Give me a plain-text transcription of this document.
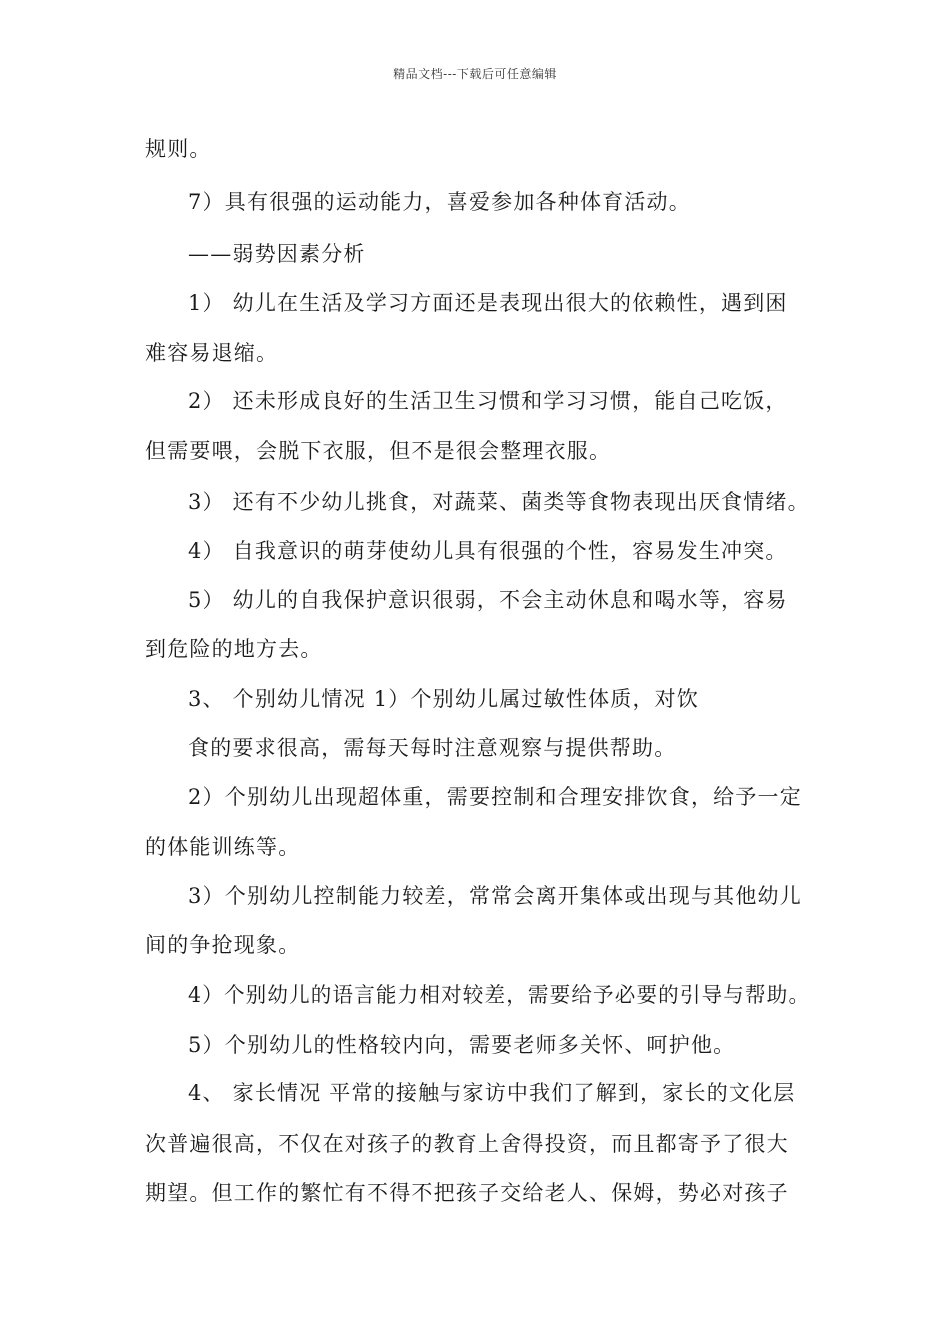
精品文档---下载后可任意编辑
规则。
7）具有很强的运动能力，喜爱参加各种体育活动。
——弱势因素分析
1） 幼儿在生活及学习方面还是表现出很大的依赖性，遇到困
难容易退缩。
2） 还未形成良好的生活卫生习惯和学习习惯，能自己吃饭，
但需要喂，会脱下衣服，但不是很会整理衣服。
3） 还有不少幼儿挑食，对蔬菜、菌类等食物表现出厌食情绪。
4） 自我意识的萌芽使幼儿具有很强的个性，容易发生冲突。
5） 幼儿的自我保护意识很弱，不会主动休息和喝水等，容易
到危险的地方去。
3、 个别幼儿情况 1）个别幼儿属过敏性体质，对饮
食的要求很高，需每天每时注意观察与提供帮助。
2）个别幼儿出现超体重，需要控制和合理安排饮食，给予一定
的体能训练等。
3）个别幼儿控制能力较差，常常会离开集体或出现与其他幼儿
间的争抢现象。
4）个别幼儿的语言能力相对较差，需要给予必要的引导与帮助。
5）个别幼儿的性格较内向，需要老师多关怀、呵护他。
4、 家长情况 平常的接触与家访中我们了解到，家长的文化层
次普遍很高，不仅在对孩子的教育上舍得投资，而且都寄予了很大
期望。但工作的繁忙有不得不把孩子交给老人、保姆，势必对孩子
